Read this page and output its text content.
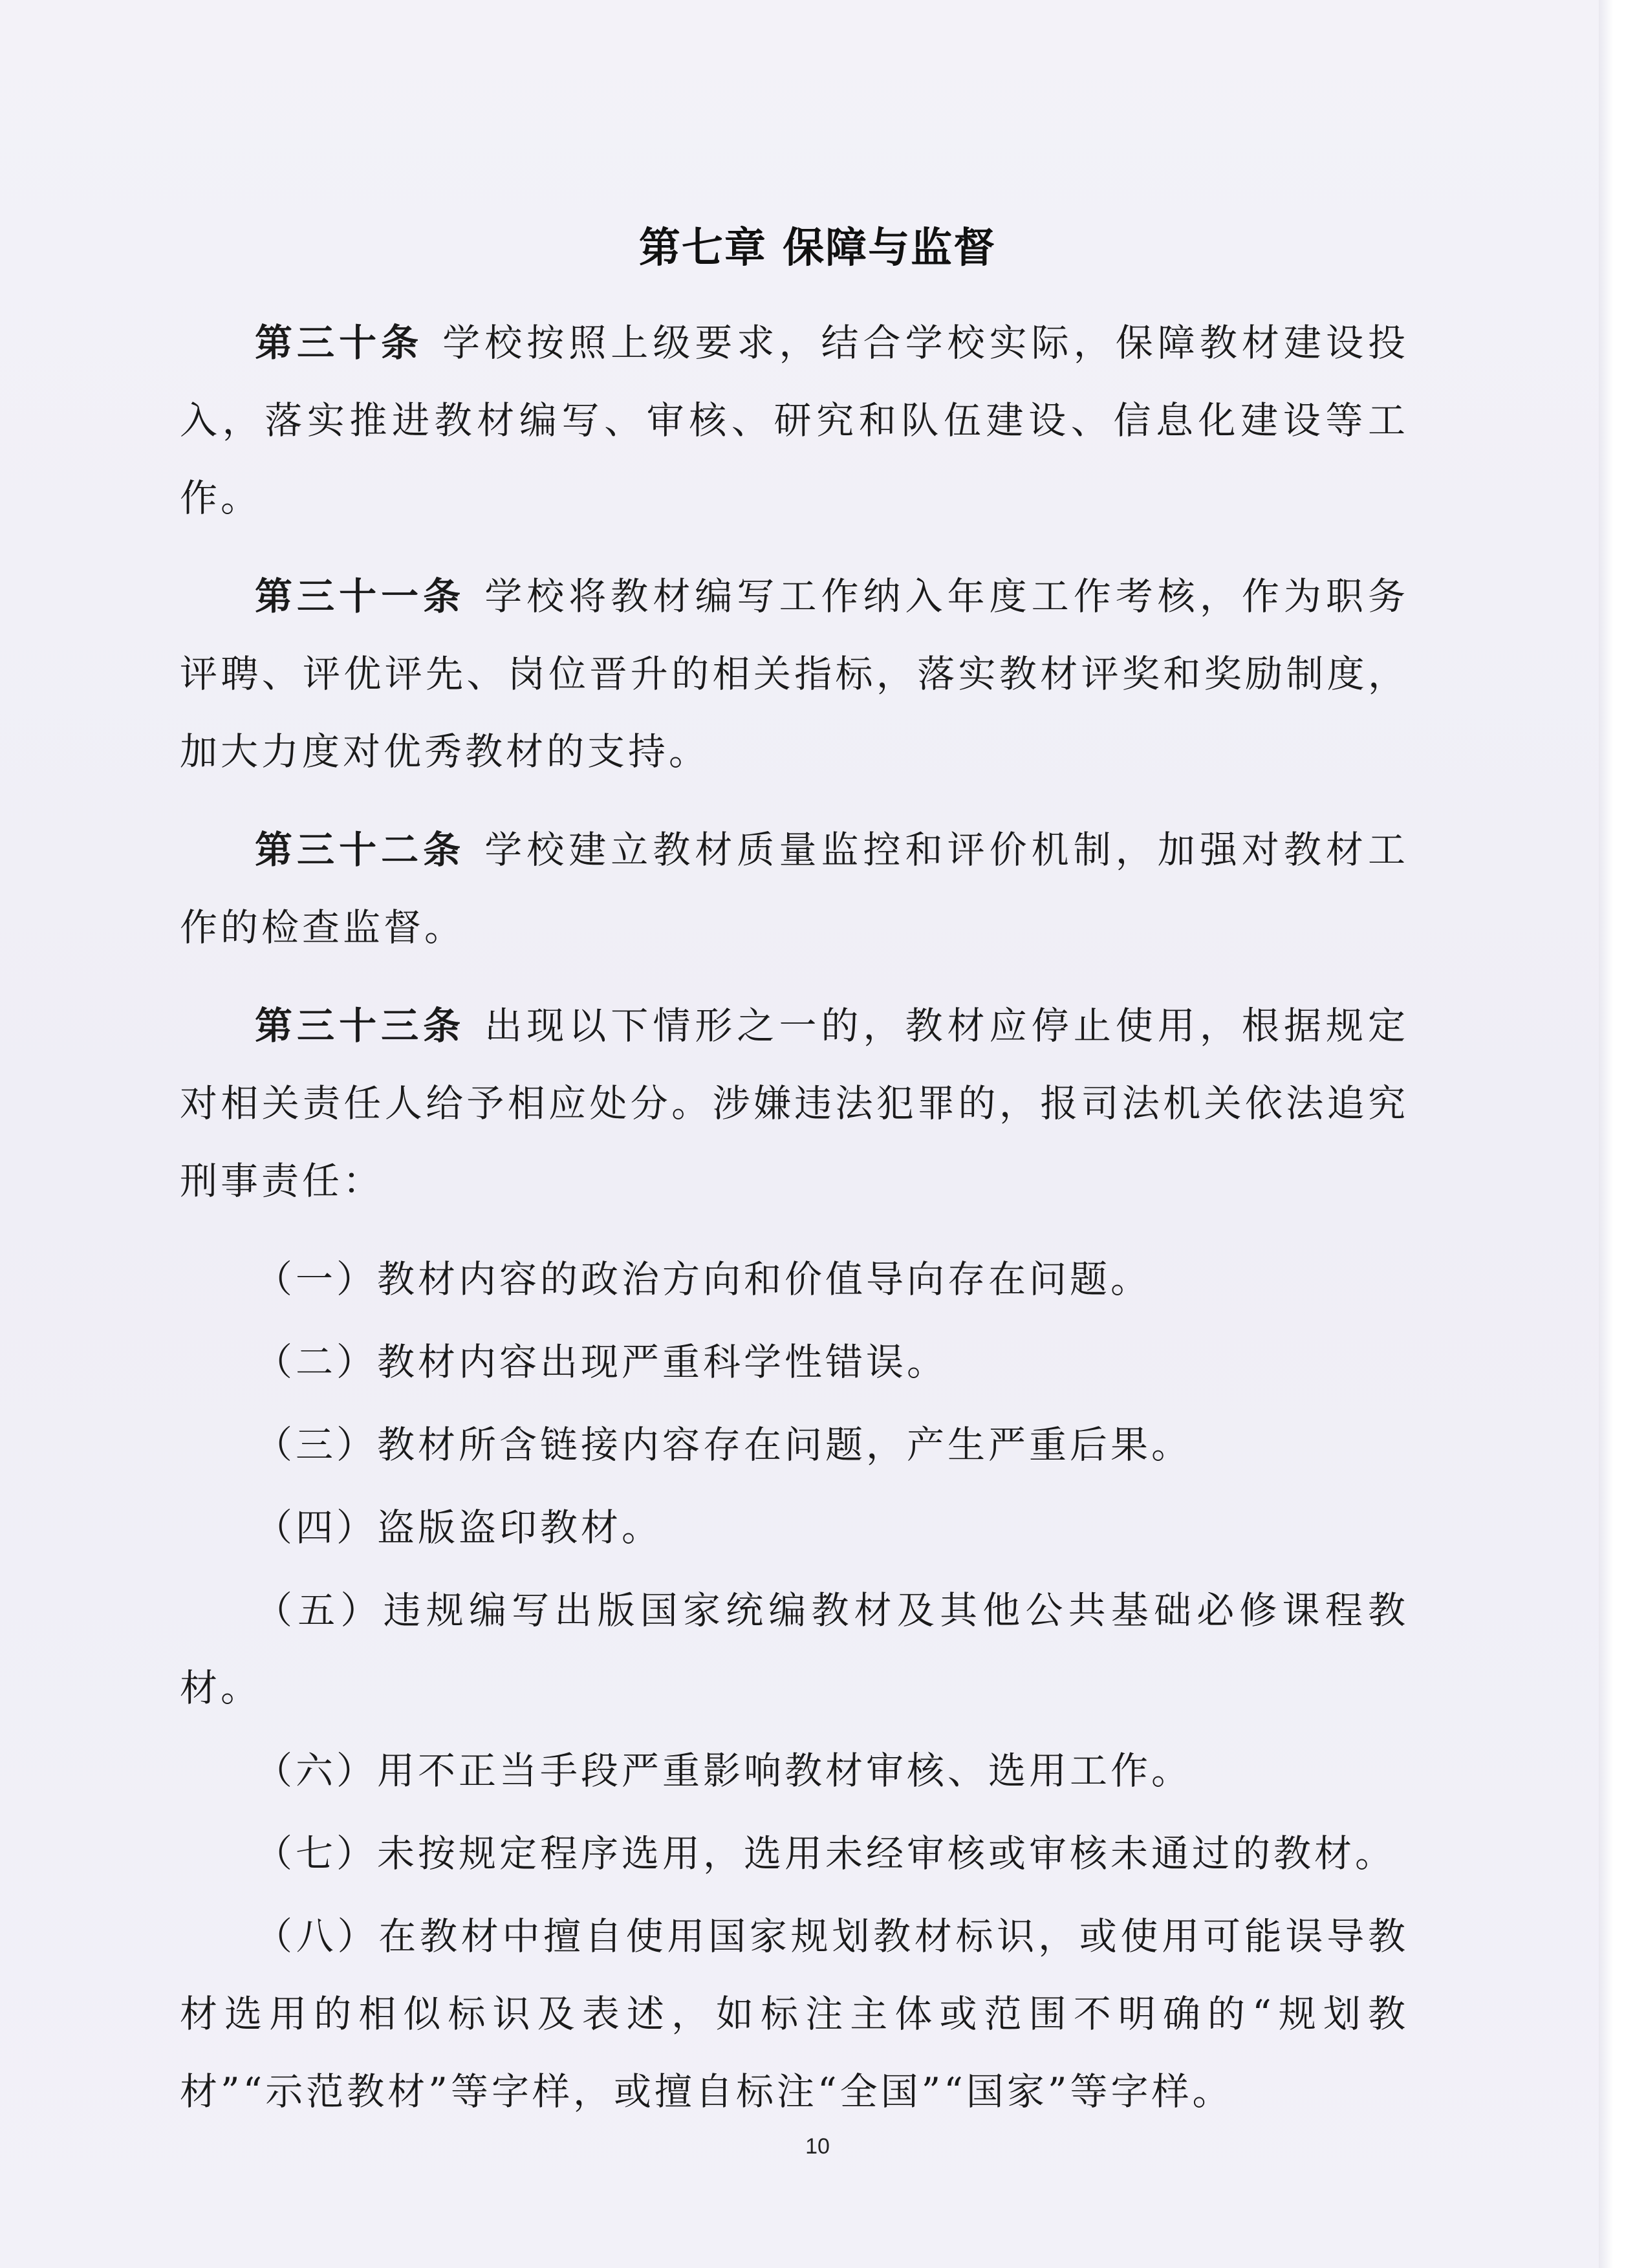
第七章 保障与监督

第三十条 学校按照上级要求，结合学校实际，保障教材建设投入，落实推进教材编写、审核、研究和队伍建设、信息化建设等工作。

第三十一条 学校将教材编写工作纳入年度工作考核，作为职务评聘、评优评先、岗位晋升的相关指标，落实教材评奖和奖励制度，加大力度对优秀教材的支持。

第三十二条 学校建立教材质量监控和评价机制，加强对教材工作的检查监督。

第三十三条 出现以下情形之一的，教材应停止使用，根据规定对相关责任人给予相应处分。涉嫌违法犯罪的，报司法机关依法追究刑事责任：

（一）教材内容的政治方向和价值导向存在问题。

（二）教材内容出现严重科学性错误。

（三）教材所含链接内容存在问题，产生严重后果。

（四）盗版盗印教材。

（五）违规编写出版国家统编教材及其他公共基础必修课程教材。

（六）用不正当手段严重影响教材审核、选用工作。

（七）未按规定程序选用，选用未经审核或审核未通过的教材。

（八）在教材中擅自使用国家规划教材标识，或使用可能误导教材选用的相似标识及表述，如标注主体或范围不明确的“规划教材”“示范教材”等字样，或擅自标注“全国”“国家”等字样。

10
